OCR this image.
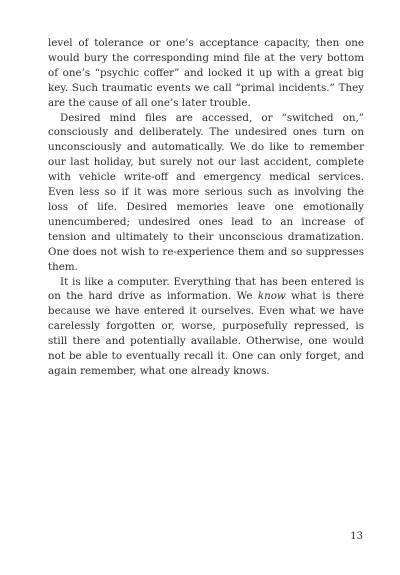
level of tolerance or one’s acceptance capacity, then one would bury the corresponding mind file at the very bottom of one’s “psychic coffer” and locked it up with a great big key. Such traumatic events we call “primal incidents.” They are the cause of all one’s later trouble.

Desired mind files are accessed, or “switched on,” consciously and deliberately. The undesired ones turn on unconsciously and automatically. We do like to remember our last holiday, but surely not our last accident, complete with vehicle write-off and emergency medical services. Even less so if it was more serious such as involving the loss of life. Desired memories leave one emotionally unencumbered; undesired ones lead to an increase of tension and ultimately to their unconscious dramatization. One does not wish to re-experience them and so suppresses them.

It is like a computer. Everything that has been entered is on the hard drive as information. We know what is there because we have entered it ourselves. Even what we have carelessly forgotten or, worse, purposefully repressed, is still there and potentially available. Otherwise, one would not be able to eventually recall it. One can only forget, and again remember, what one already knows.

13
